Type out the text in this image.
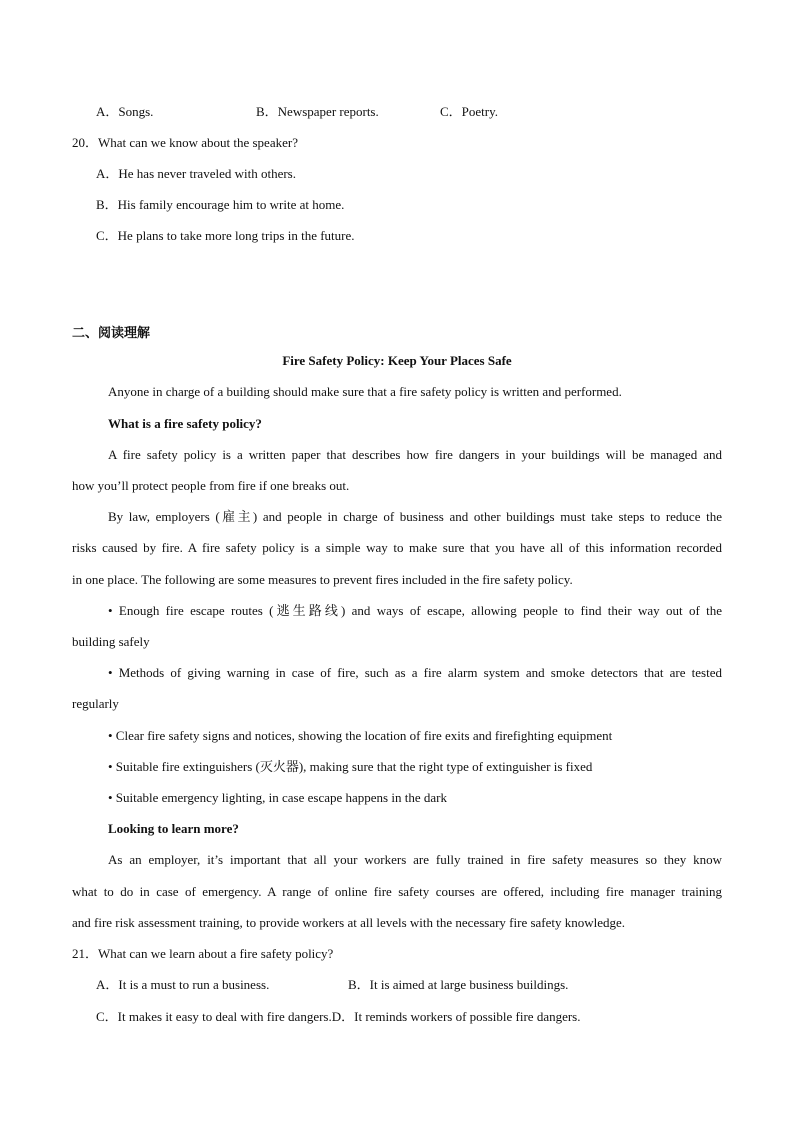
A．Songs.	B．Newspaper reports.	C．Poetry.
20．What can we know about the speaker?
A．He has never traveled with others.
B．His family encourage him to write at home.
C．He plans to take more long trips in the future.
二、阅读理解
Fire Safety Policy: Keep Your Places Safe
Anyone in charge of a building should make sure that a fire safety policy is written and performed.
What is a fire safety policy?
A fire safety policy is a written paper that describes how fire dangers in your buildings will be managed and
how you’ll protect people from fire if one breaks out.
By law, employers (雇主) and people in charge of business and other buildings must take steps to reduce the
risks caused by fire. A fire safety policy is a simple way to make sure that you have all of this information recorded
in one place. The following are some measures to prevent fires included in the fire safety policy.
• Enough fire escape routes (逃生路线) and ways of escape, allowing people to find their way out of the
building safely
• Methods of giving warning in case of fire, such as a fire alarm system and smoke detectors that are tested
regularly
• Clear fire safety signs and notices, showing the location of fire exits and firefighting equipment
• Suitable fire extinguishers (灭火器), making sure that the right type of extinguisher is fixed
• Suitable emergency lighting, in case escape happens in the dark
Looking to learn more?
As an employer, it’s important that all your workers are fully trained in fire safety measures so they know
what to do in case of emergency. A range of online fire safety courses are offered, including fire manager training
and fire risk assessment training, to provide workers at all levels with the necessary fire safety knowledge.
21．What can we learn about a fire safety policy?
A．It is a must to run a business.	B．It is aimed at large business buildings.
C．It makes it easy to deal with fire dangers.D．It reminds workers of possible fire dangers.
